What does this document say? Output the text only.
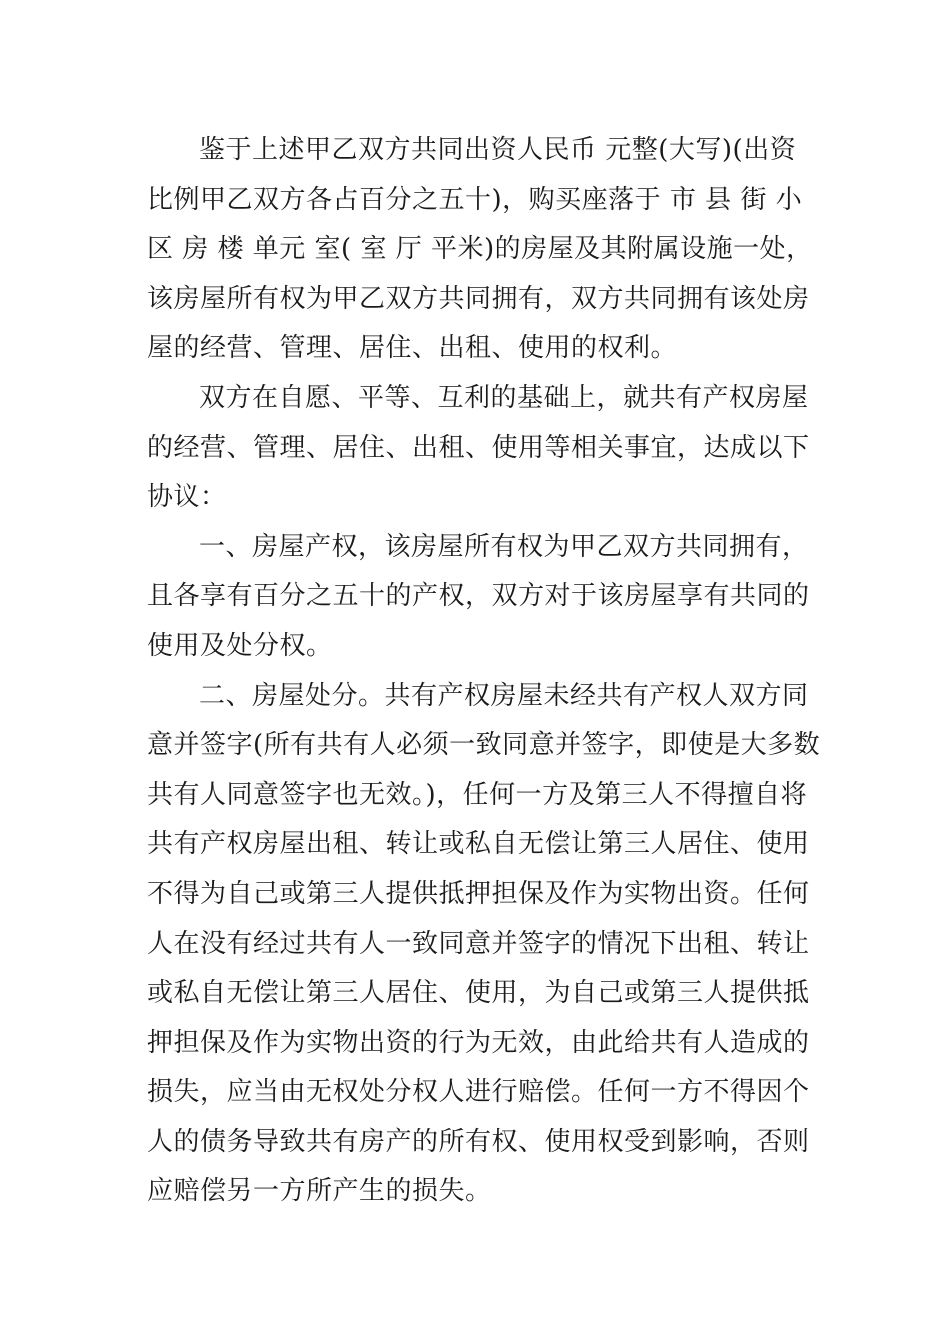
鉴于上述甲乙双方共同出资人民币 元整(大写)(出资
比例甲乙双方各占百分之五十)，购买座落于 市 县 街 小
区 房 楼 单元 室( 室 厅 平米)的房屋及其附属设施一处，
该房屋所有权为甲乙双方共同拥有，双方共同拥有该处房
屋的经营、管理、居住、出租、使用的权利。
双方在自愿、平等、互利的基础上，就共有产权房屋
的经营、管理、居住、出租、使用等相关事宜，达成以下
协议：
一、房屋产权，该房屋所有权为甲乙双方共同拥有，
且各享有百分之五十的产权，双方对于该房屋享有共同的
使用及处分权。
二、房屋处分。共有产权房屋未经共有产权人双方同
意并签字(所有共有人必须一致同意并签字，即使是大多数
共有人同意签字也无效。)，任何一方及第三人不得擅自将
共有产权房屋出租、转让或私自无偿让第三人居住、使用
不得为自己或第三人提供抵押担保及作为实物出资。任何
人在没有经过共有人一致同意并签字的情况下出租、转让
或私自无偿让第三人居住、使用，为自己或第三人提供抵
押担保及作为实物出资的行为无效，由此给共有人造成的
损失，应当由无权处分权人进行赔偿。任何一方不得因个
人的债务导致共有房产的所有权、使用权受到影响，否则
应赔偿另一方所产生的损失。
